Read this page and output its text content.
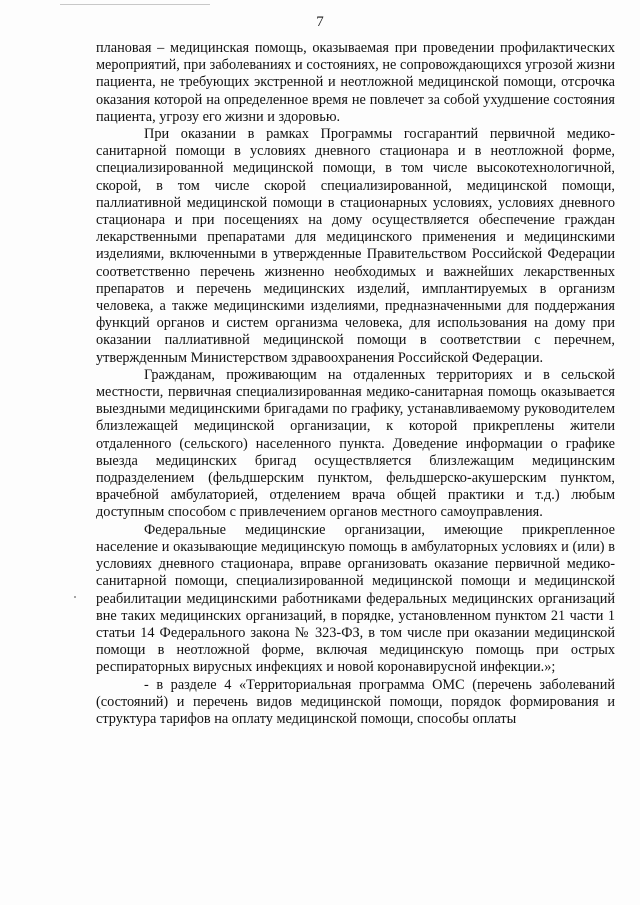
7

плановая – медицинская помощь, оказываемая при проведении профилактических мероприятий, при заболеваниях и состояниях, не сопровождающихся угрозой жизни пациента, не требующих экстренной и неотложной медицинской помощи, отсрочка оказания которой на определенное время не повлечет за собой ухудшение состояния пациента, угрозу его жизни и здоровью.

При оказании в рамках Программы госгарантий первичной медико-санитарной помощи в условиях дневного стационара и в неотложной форме, специализированной медицинской помощи, в том числе высокотехнологичной, скорой, в том числе скорой специализированной, медицинской помощи, паллиативной медицинской помощи в стационарных условиях, условиях дневного стационара и при посещениях на дому осуществляется обеспечение граждан лекарственными препаратами для медицинского применения и медицинскими изделиями, включенными в утвержденные Правительством Российской Федерации соответственно перечень жизненно необходимых и важнейших лекарственных препаратов и перечень медицинских изделий, имплантируемых в организм человека, а также медицинскими изделиями, предназначенными для поддержания функций органов и систем организма человека, для использования на дому при оказании паллиативной медицинской помощи в соответствии с перечнем, утвержденным Министерством здравоохранения Российской Федерации.

Гражданам, проживающим на отдаленных территориях и в сельской местности, первичная специализированная медико-санитарная помощь оказывается выездными медицинскими бригадами по графику, устанавливаемому руководителем близлежащей медицинской организации, к которой прикреплены жители отдаленного (сельского) населенного пункта. Доведение информации о графике выезда медицинских бригад осуществляется близлежащим медицинским подразделением (фельдшерским пунктом, фельдшерско-акушерским пунктом, врачебной амбулаторией, отделением врача общей практики и т.д.) любым доступным способом с привлечением органов местного самоуправления.

Федеральные медицинские организации, имеющие прикрепленное население и оказывающие медицинскую помощь в амбулаторных условиях и (или) в условиях дневного стационара, вправе организовать оказание первичной медико-санитарной помощи, специализированной медицинской помощи и медицинской реабилитации медицинскими работниками федеральных медицинских организаций вне таких медицинских организаций, в порядке, установленном пунктом 21 части 1 статьи 14 Федерального закона № 323-ФЗ, в том числе при оказании медицинской помощи в неотложной форме, включая медицинскую помощь при острых респираторных вирусных инфекциях и новой коронавирусной инфекции.»;

- в разделе 4 «Территориальная программа ОМС (перечень заболеваний (состояний) и перечень видов медицинской помощи, порядок формирования и структура тарифов на оплату медицинской помощи, способы оплаты
